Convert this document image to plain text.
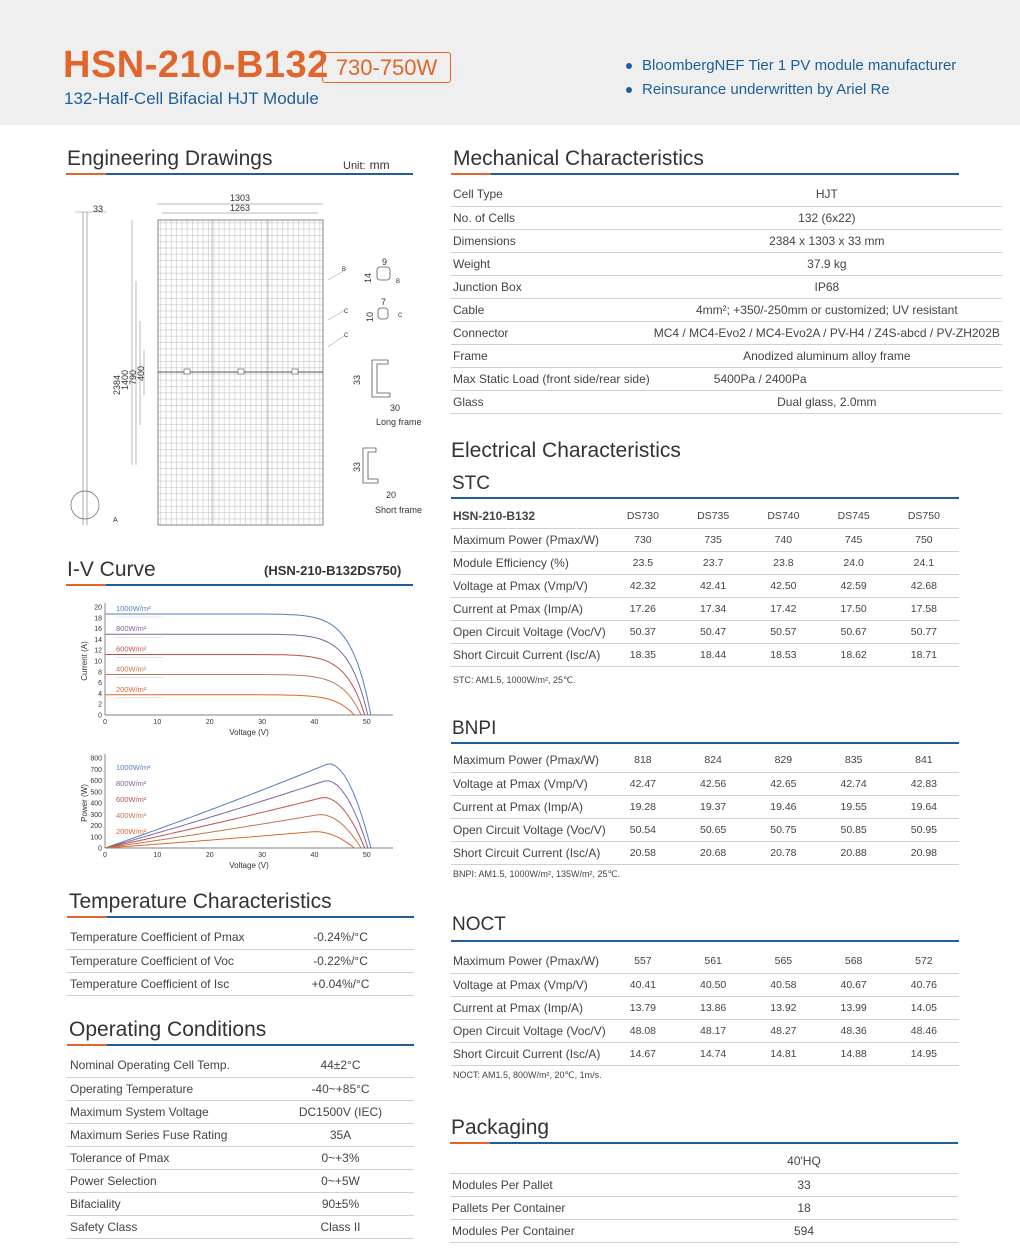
HSN-210-B132 730-750W
132-Half-Cell Bifacial HJT Module
BloombergNEF Tier 1 PV module manufacturer
Reinsurance underwritten by Ariel Re
Engineering Drawings	Unit: mm
33
A
1303
1263
2384
1400
790
400
B
C
C
9
14	B
7
10	C
33
30
Long frame
33
20
Short frame
I-V Curve	(HSN-210-B132DS750)
0	10	20	30	40	50
0
2
4
6
8
10
12
14
16
18
20
Voltage (V)
Current (A)
1000W/m²
800W/m²
600W/m²
400W/m²
200W/m²
0	10	20	30	40	50
0
100
200
300
400
500
600
700
800
Voltage (V)
Power (W)
1000W/m²
800W/m²
600W/m²
400W/m²
200W/m²
Temperature Characteristics
Temperature Coefficient of Pmax	-0.24%/°C
Temperature Coefficient of Voc	-0.22%/°C
Temperature Coefficient of Isc	+0.04%/°C
Operating Conditions
Nominal Operating Cell Temp.	44±2°C
Operating Temperature	-40~+85°C
Maximum System Voltage	DC1500V (IEC)
Maximum Series Fuse Rating	35A
Tolerance of Pmax	0~+3%
Power Selection	0~+5W
Bifaciality	90±5%
Safety Class	Class II
Mechanical Characteristics
Cell Type	HJT
No. of Cells	132 (6x22)
Dimensions	2384 x 1303 x 33 mm
Weight	37.9 kg
Junction Box	IP68
Cable	4mm²; +350/-250mm or customized; UV resistant
Connector	MC4 / MC4-Evo2 / MC4-Evo2A / PV-H4 / Z4S-abcd / PV-ZH202B
Frame	Anodized aluminum alloy frame
Max Static Load (front side/rear side)	5400Pa / 2400Pa
Glass	Dual glass, 2.0mm
Electrical Characteristics
STC
HSN-210-B132	DS730	DS735	DS740	DS745	DS750
Maximum Power (Pmax/W)	730	735	740	745	750
Module Efficiency (%)	23.5	23.7	23.8	24.0	24.1
Voltage at Pmax (Vmp/V)	42.32	42.41	42.50	42.59	42.68
Current at Pmax (Imp/A)	17.26	17.34	17.42	17.50	17.58
Open Circuit Voltage (Voc/V)	50.37	50.47	50.57	50.67	50.77
Short Circuit Current (Isc/A)	18.35	18.44	18.53	18.62	18.71
STC: AM1.5, 1000W/m², 25℃.
BNPI
Maximum Power (Pmax/W)	818	824	829	835	841
Voltage at Pmax (Vmp/V)	42.47	42.56	42.65	42.74	42.83
Current at Pmax (Imp/A)	19.28	19.37	19.46	19.55	19.64
Open Circuit Voltage (Voc/V)	50.54	50.65	50.75	50.85	50.95
Short Circuit Current (Isc/A)	20.58	20.68	20.78	20.88	20.98
BNPI: AM1.5, 1000W/m², 135W/m², 25℃.
NOCT
Maximum Power (Pmax/W)	557	561	565	568	572
Voltage at Pmax (Vmp/V)	40.41	40.50	40.58	40.67	40.76
Current at Pmax (Imp/A)	13.79	13.86	13.92	13.99	14.05
Open Circuit Voltage (Voc/V)	48.08	48.17	48.27	48.36	48.46
Short Circuit Current (Isc/A)	14.67	14.74	14.81	14.88	14.95
NOCT: AM1.5, 800W/m², 20℃, 1m/s.
Packaging
	40'HQ
Modules Per Pallet	33
Pallets Per Container	18
Modules Per Container	594
